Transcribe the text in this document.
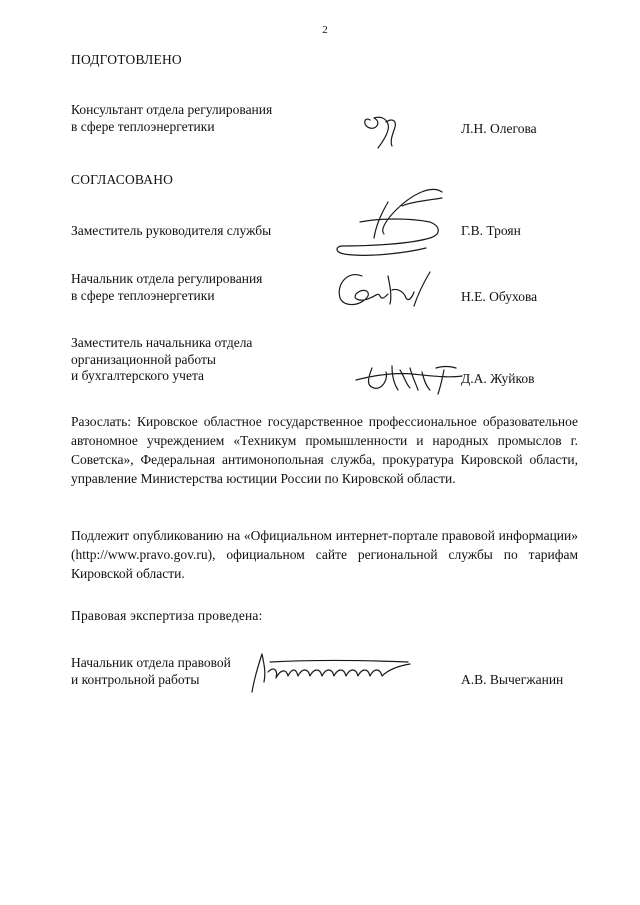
2
ПОДГОТОВЛЕНО
Консультант отдела регулирования
в сфере теплоэнергетики	Л.Н. Олегова
СОГЛАСОВАНО
Заместитель руководителя службы	Г.В. Троян
Начальник отдела регулирования
в сфере теплоэнергетики	Н.Е. Обухова
Заместитель начальника отдела
организационной работы
и бухгалтерского учета	Д.А. Жуйков
Разослать: Кировское областное государственное профессиональное образовательное автономное учреждением «Техникум промышленности и народных промыслов г. Советска», Федеральная антимонопольная служба, прокуратура Кировской области, управление Министерства юстиции России по Кировской области.
Подлежит опубликованию на «Официальном интернет-портале правовой информации» (http://www.pravo.gov.ru), официальном сайте региональной службы по тарифам Кировской области.
Правовая экспертиза проведена:
Начальник отдела правовой
и контрольной работы	А.В. Вычегжанин
